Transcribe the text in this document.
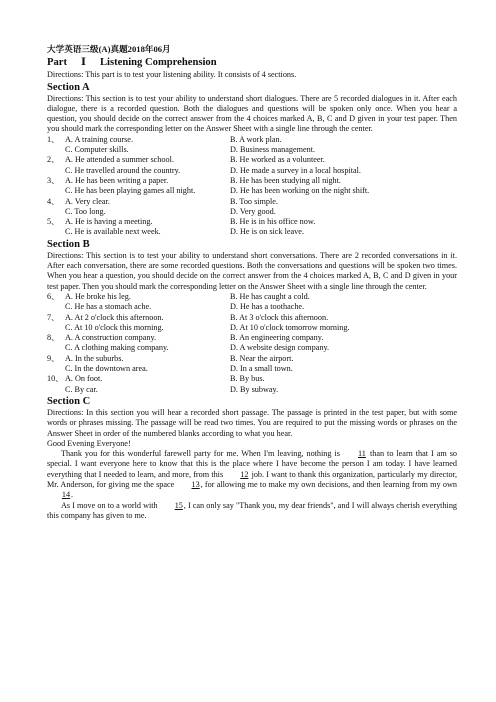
大学英语三级(A)真题2018年06月
Part Ⅰ Listening Comprehension
Directions: This part is to test your listening ability. It consists of 4 sections.
Section A
Directions: This section is to test your ability to understand short dialogues. There are 5 recorded dialogues in it. After each dialogue, there is a recorded question. Both the dialogues and questions will be spoken only once. When you hear a question, you should decide on the correct answer from the 4 choices marked A, B, C and D given in your test paper. Then you should mark the corresponding letter on the Answer Sheet with a single line through the center.
1、 A. A training course.	B. A work plan.
C. Computer skills.	D. Business management.
2、 A. He attended a summer school.	B. He worked as a volunteer.
C. He travelled around the country.	D. He made a survey in a local hospital.
3、 A. He has been writing a paper.	B. He has been studying all night.
C. He has been playing games all night.	D. He has been working on the night shift.
4、 A. Very clear.	B. Too simple.
C. Too long.	D. Very good.
5、 A. He is having a meeting.	B. He is in his office now.
C. He is available next week.	D. He is on sick leave.
Section B
Directions: This section is to test your ability to understand short conversations. There are 2 recorded conversations in it. After each conversation, there are some recorded questions. Both the conversations and questions will be spoken two times. When you hear a question, you should decide on the correct answer from the 4 choices marked A, B, C and D given in your test paper. Then you should mark the corresponding letter on the Answer Sheet with a single line through the center.
6、 A. He broke his leg.	B. He has caught a cold.
C. He has a stomach ache.	D. He has a toothache.
7、 A. At 2 o'clock this afternoon.	B. At 3 o'clock this afternoon.
C. At 10 o'clock this morning.	D. At 10 o'clock tomorrow morning.
8、 A. A construction company.	B. An engineering company.
C. A clothing making company.	D. A website design company.
9、 A. In the suburbs.	B. Near the airport.
C. In the downtown area.	D. In a small town.
10、 A. On foot.	B. By bus.
C. By car.	D. By subway.
Section C
Directions: In this section you will hear a recorded short passage. The passage is printed in the test paper, but with some words or phrases missing. The passage will be read two times. You are required to put the missing words or phrases on the Answer Sheet in order of the numbered blanks according to what you hear.
Good Evening Everyone!
Thank you for this wonderful farewell party for me. When I'm leaving, nothing is 11 than to learn that I am so special. I want everyone here to know that this is the place where I have become the person I am today. I have learned everything that I needed to learn, and more, from this 12 job. I want to thank this organization, particularly my director, Mr. Anderson, for giving me the space 13, for allowing me to make my own decisions, and then learning from my own 14.
As I move on to a world with 15, I can only say "Thank you, my dear friends", and I will always cherish everything this company has given to me.
